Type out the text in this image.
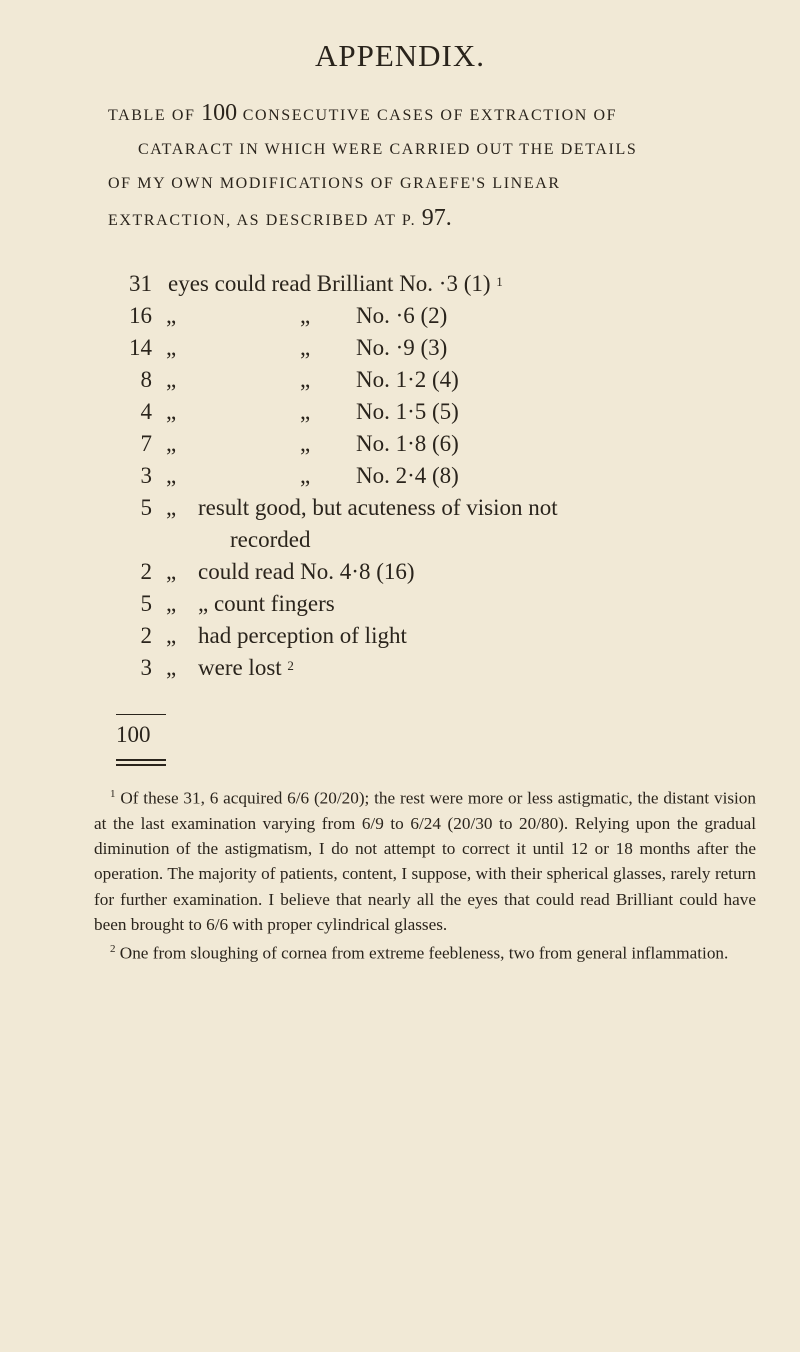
APPENDIX.
TABLE OF 100 CONSECUTIVE CASES OF EXTRACTION OF
CATARACT IN WHICH WERE CARRIED OUT THE DETAILS
OF MY OWN MODIFICATIONS OF GRAEFE'S LINEAR
EXTRACTION, AS DESCRIBED AT P. 97.
31 eyes could read Brilliant No. ·3 (1) $^1$
16 „	„ No. ·6 (2)
14 „	„ No. ·9 (3)
8 „	„ No. 1·2 (4)
4 „	„ No. 1·5 (5)
7 „	„ No. 1·8 (6)
3 „	„ No. 2·4 (8)
5 „ result good, but acuteness of vision not
recorded
2 „ could read No. 4·8 (16)
5 „ „ count fingers
2 „ had perception of light
3 „ were lost $^2$
100

$^1$ Of these 31, 6 acquired 6/6 (20/20); the rest were more or less astigmatic, the distant vision at the last examination varying from 6/9 to 6/24 (20/30 to 20/80). Relying upon the gradual diminution of the astigmatism, I do not attempt to correct it until 12 or 18 months after the operation. The majority of patients, content, I suppose, with their spherical glasses, rarely return for further examination. I believe that nearly all the eyes that could read Brilliant could have been brought to 6/6 with proper cylindrical glasses.

$^2$ One from sloughing of cornea from extreme feebleness, two from general inflammation.
